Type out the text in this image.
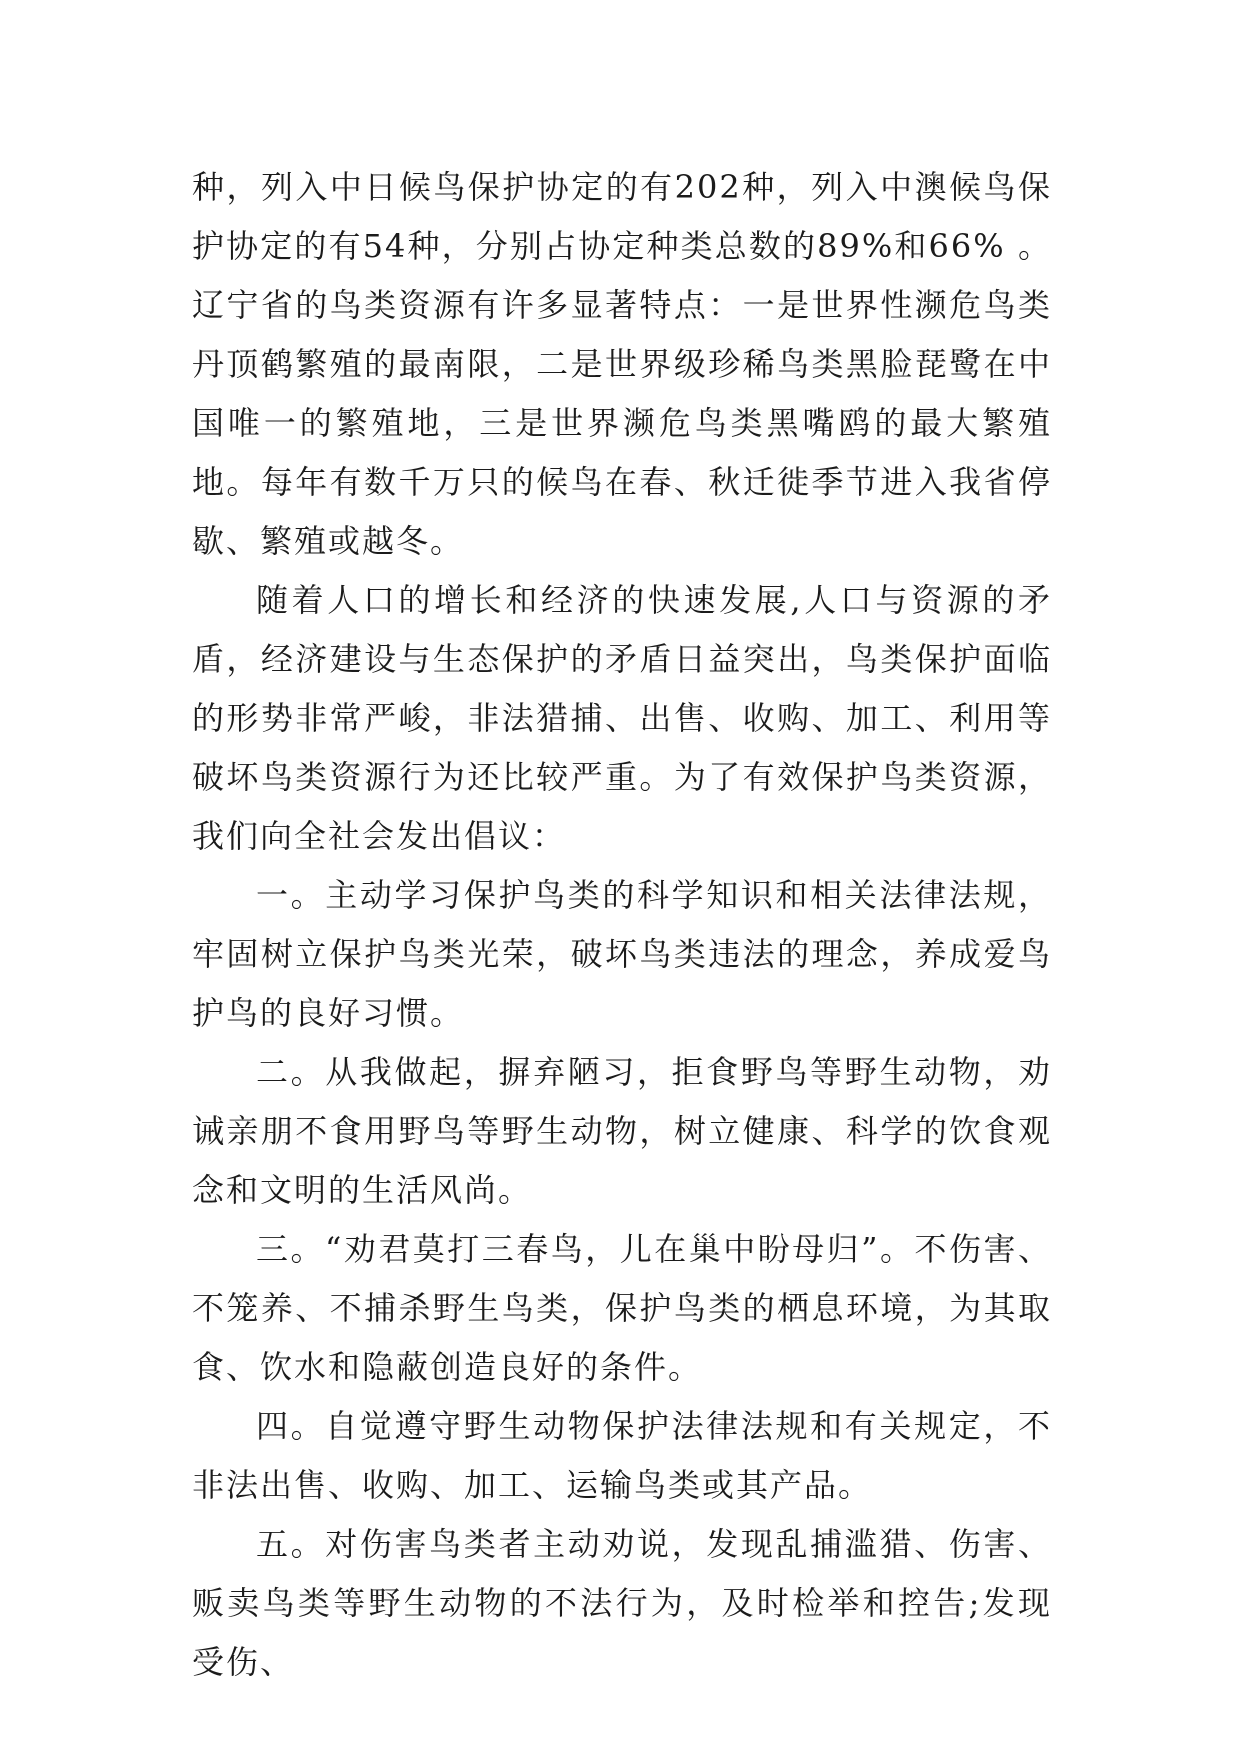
种，列入中日候鸟保护协定的有202种，列入中澳候鸟保护协定的有54种，分别占协定种类总数的89%和66% 。辽宁省的鸟类资源有许多显著特点：一是世界性濒危鸟类丹顶鹤繁殖的最南限，二是世界级珍稀鸟类黑脸琵鹭在中国唯一的繁殖地，三是世界濒危鸟类黑嘴鸥的最大繁殖地。每年有数千万只的候鸟在春、秋迁徙季节进入我省停歇、繁殖或越冬。

随着人口的增长和经济的快速发展,人口与资源的矛盾，经济建设与生态保护的矛盾日益突出，鸟类保护面临的形势非常严峻，非法猎捕、出售、收购、加工、利用等破坏鸟类资源行为还比较严重。为了有效保护鸟类资源，我们向全社会发出倡议：

一。主动学习保护鸟类的科学知识和相关法律法规，牢固树立保护鸟类光荣，破坏鸟类违法的理念，养成爱鸟护鸟的良好习惯。

二。从我做起，摒弃陋习，拒食野鸟等野生动物，劝诫亲朋不食用野鸟等野生动物，树立健康、科学的饮食观念和文明的生活风尚。

三。“劝君莫打三春鸟，儿在巢中盼母归”。不伤害、不笼养、不捕杀野生鸟类，保护鸟类的栖息环境，为其取食、饮水和隐蔽创造良好的条件。

四。自觉遵守野生动物保护法律法规和有关规定，不非法出售、收购、加工、运输鸟类或其产品。

五。对伤害鸟类者主动劝说，发现乱捕滥猎、伤害、贩卖鸟类等野生动物的不法行为，及时检举和控告;发现受伤、
